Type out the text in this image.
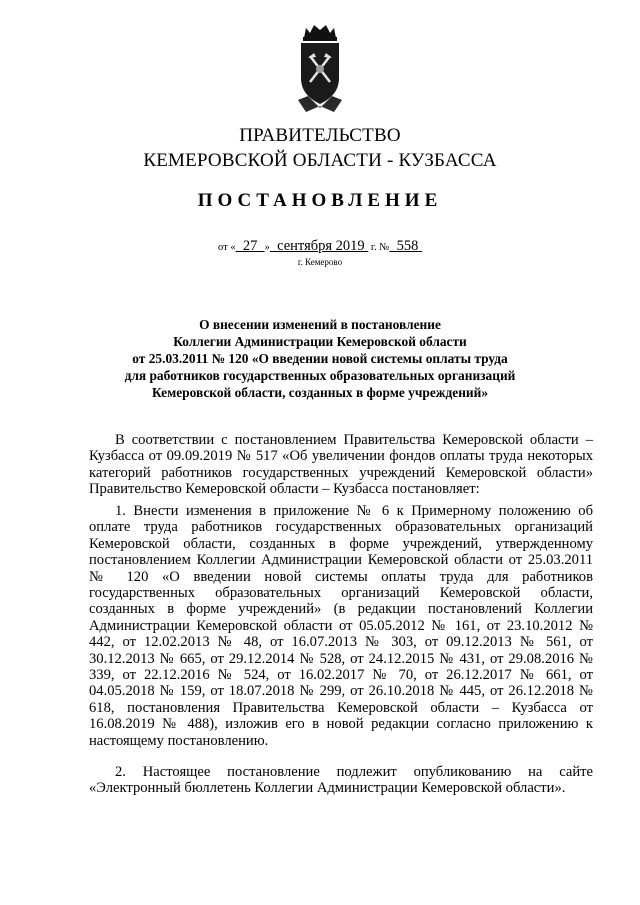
ПРАВИТЕЛЬСТВО
КЕМЕРОВСКОЙ ОБЛАСТИ - КУЗБАССА
ПОСТАНОВЛЕНИЕ
от « 27 » сентября 2019 г. № 558
г. Кемерово
О внесении изменений в постановление
Коллегии Администрации Кемеровской области
от 25.03.2011 № 120 «О введении новой системы оплаты труда
для работников государственных образовательных организаций
Кемеровской области, созданных в форме учреждений»
В соответствии с постановлением Правительства Кемеровской области – Кузбасса от 09.09.2019 № 517 «Об увеличении фондов оплаты труда некоторых категорий работников государственных учреждений Кемеровской области» Правительство Кемеровской области – Кузбасса постановляет:
1. Внести изменения в приложение № 6 к Примерному положению об оплате труда работников государственных образовательных организаций Кемеровской области, созданных в форме учреждений, утвержденному постановлением Коллегии Администрации Кемеровской области от 25.03.2011 № 120 «О введении новой системы оплаты труда для работников государственных образовательных организаций Кемеровской области, созданных в форме учреждений» (в редакции постановлений Коллегии Администрации Кемеровской области от 05.05.2012 № 161, от 23.10.2012 № 442, от 12.02.2013 № 48, от 16.07.2013 № 303, от 09.12.2013 № 561, от 30.12.2013 № 665, от 29.12.2014 № 528, от 24.12.2015 № 431, от 29.08.2016 № 339, от 22.12.2016 № 524, от 16.02.2017 № 70, от 26.12.2017 № 661, от 04.05.2018 № 159, от 18.07.2018 № 299, от 26.10.2018 № 445, от 26.12.2018 № 618, постановления Правительства Кемеровской области – Кузбасса от 16.08.2019 № 488), изложив его в новой редакции согласно приложению к настоящему постановлению.
2. Настоящее постановление подлежит опубликованию на сайте «Электронный бюллетень Коллегии Администрации Кемеровской области».
